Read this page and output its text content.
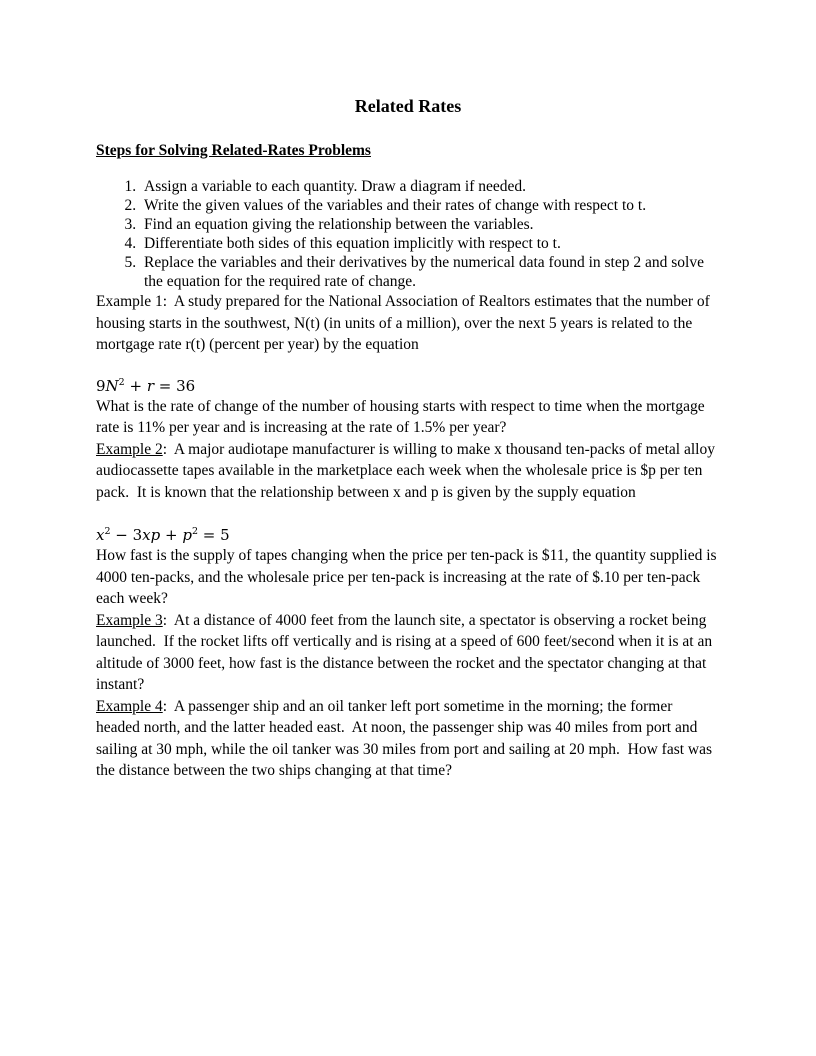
Related Rates
Steps for Solving Related-Rates Problems
1. Assign a variable to each quantity. Draw a diagram if needed.
2. Write the given values of the variables and their rates of change with respect to t.
3. Find an equation giving the relationship between the variables.
4. Differentiate both sides of this equation implicitly with respect to t.
5. Replace the variables and their derivatives by the numerical data found in step 2 and solve the equation for the required rate of change.

Example 1:  A study prepared for the National Association of Realtors estimates that the number of housing starts in the southwest, N(t) (in units of a million), over the next 5 years is related to the mortgage rate r(t) (percent per year) by the equation

$9N^2 + r = 36$

What is the rate of change of the number of housing starts with respect to time when the mortgage rate is 11% per year and is increasing at the rate of 1.5% per year?

Example 2:  A major audiotape manufacturer is willing to make x thousand ten-packs of metal alloy audiocassette tapes available in the marketplace each week when the wholesale price is $p per ten pack.  It is known that the relationship between x and p is given by the supply equation

$x^2 - 3xp + p^2 = 5$

How fast is the supply of tapes changing when the price per ten-pack is $11, the quantity supplied is 4000 ten-packs, and the wholesale price per ten-pack is increasing at the rate of $.10 per ten-pack each week?

Example 3:  At a distance of 4000 feet from the launch site, a spectator is observing a rocket being launched.  If the rocket lifts off vertically and is rising at a speed of 600 feet/second when it is at an altitude of 3000 feet, how fast is the distance between the rocket and the spectator changing at that instant?

Example 4:  A passenger ship and an oil tanker left port sometime in the morning; the former headed north, and the latter headed east.  At noon, the passenger ship was 40 miles from port and sailing at 30 mph, while the oil tanker was 30 miles from port and sailing at 20 mph.  How fast was the distance between the two ships changing at that time?
